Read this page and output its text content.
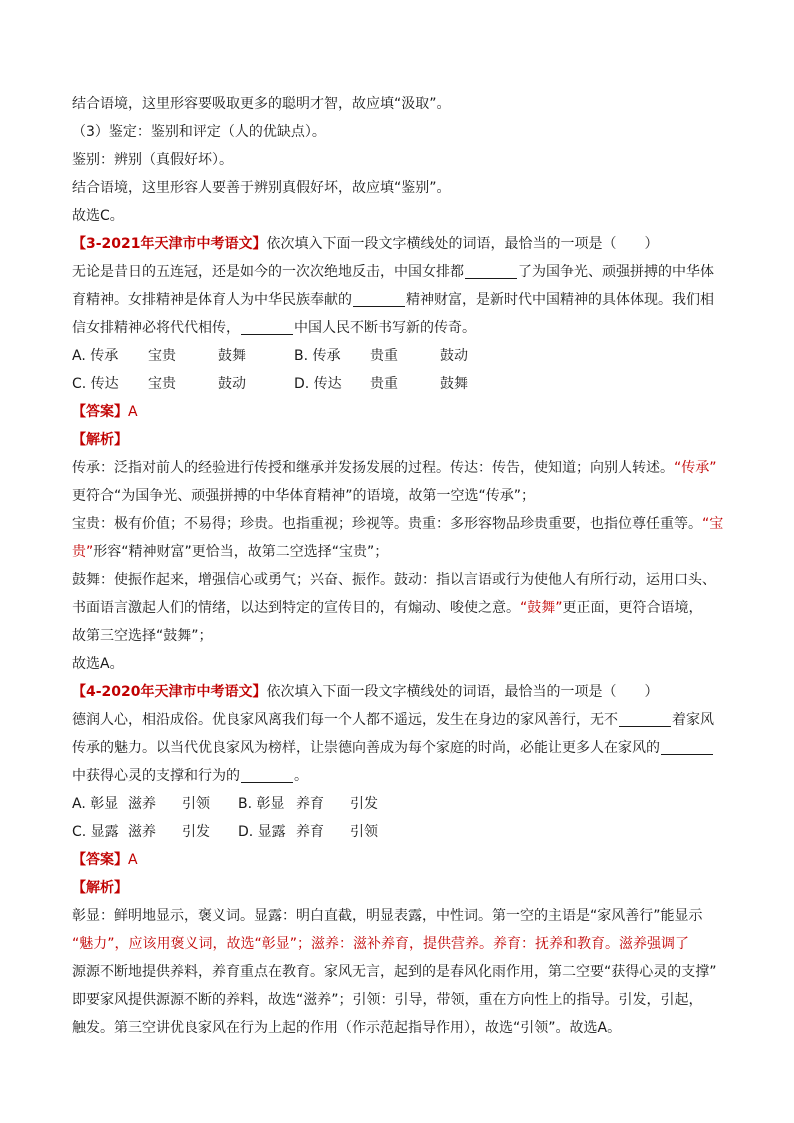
结合语境，这里形容要吸取更多的聪明才智，故应填“汲取”。
（3）鉴定：鉴别和评定（人的优缺点）。
鉴别：辨别（真假好坏）。
结合语境，这里形容人要善于辨别真假好坏，故应填“鉴别”。
故选C。
【3-2021年天津市中考语文】依次填入下面一段文字横线处的词语，最恰当的一项是（　　）
无论是昔日的五连冠，还是如今的一次次绝地反击，中国女排都	了为国争光、顽强拼搏的中华体
育精神。女排精神是体育人为中华民族奉献的	精神财富，是新时代中国精神的具体体现。我们相
信女排精神必将代代相传，	中国人民不断书写新的传奇。
A. 传承 宝贵	鼓舞	B. 传承 贵重	鼓动
C. 传达 宝贵	鼓动	D. 传达 贵重	鼓舞
【答案】A
【解析】
传承：泛指对前人的经验进行传授和继承并发扬发展的过程。传达：传告，使知道；向别人转述。“传承”
更符合“为国争光、顽强拼搏的中华体育精神”的语境，故第一空选“传承”；
宝贵：极有价值；不易得；珍贵。也指重视；珍视等。贵重：多形容物品珍贵重要，也指位尊任重等。“宝
贵”形容“精神财富”更恰当，故第二空选择“宝贵”；
鼓舞：使振作起来，增强信心或勇气；兴奋、振作。鼓动：指以言语或行为使他人有所行动，运用口头、
书面语言激起人们的情绪，以达到特定的宣传目的，有煽动、唆使之意。“鼓舞”更正面，更符合语境，
故第三空选择“鼓舞”；
故选A。
【4-2020年天津市中考语文】依次填入下面一段文字横线处的词语，最恰当的一项是（　　）
德润人心，相沿成俗。优良家风离我们每一个人都不遥远，发生在身边的家风善行，无不	着家风
传承的魅力。以当代优良家风为榜样，让崇德向善成为每个家庭的时尚，必能让更多人在家风的
中获得心灵的支撑和行为的	。
A. 彰显 滋养 引领 B. 彰显 养育 引发
C. 显露 滋养 引发 D. 显露 养育 引领
【答案】A
【解析】
彰显：鲜明地显示，褒义词。显露：明白直截，明显表露，中性词。第一空的主语是“家风善行”能显示
“魅力”，应该用褒义词，故选“彰显”；滋养：滋补养育，提供营养。养育：抚养和教育。滋养强调了
源源不断地提供养料，养育重点在教育。家风无言，起到的是春风化雨作用，第二空要“获得心灵的支撑”
即要家风提供源源不断的养料，故选“滋养”；引领：引导，带领，重在方向性上的指导。引发，引起，
触发。第三空讲优良家风在行为上起的作用（作示范起指导作用），故选“引领”。故选A。
